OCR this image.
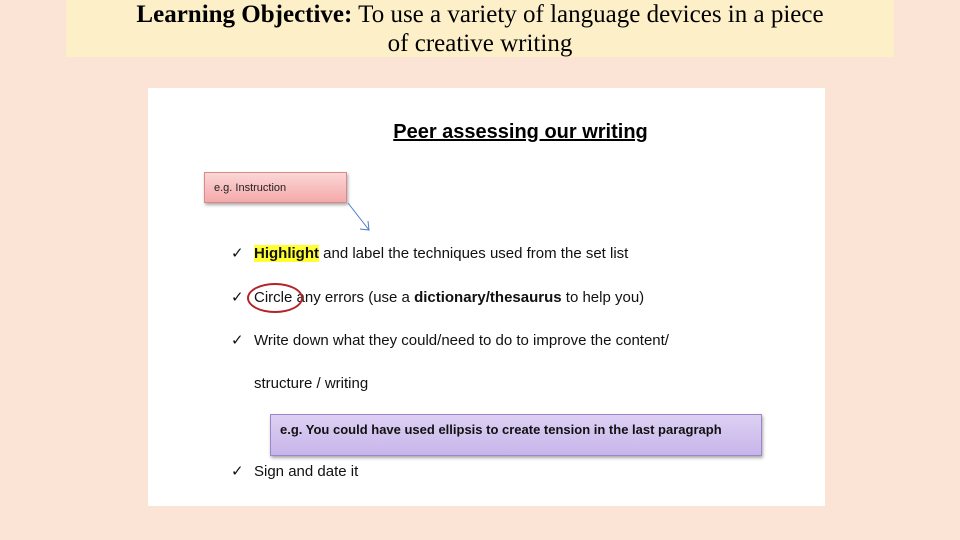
Learning Objective: To use a variety of language devices in a piece
of creative writing
Peer assessing our writing
e.g. Instruction
✓ Highlight and label the techniques used from the set list
✓ Circle any errors (use a dictionary/thesaurus to help you)
✓ Write down what they could/need to do to improve the content/
structure / writing
e.g. You could have used ellipsis to create tension in the last paragraph
✓ Sign and date it
